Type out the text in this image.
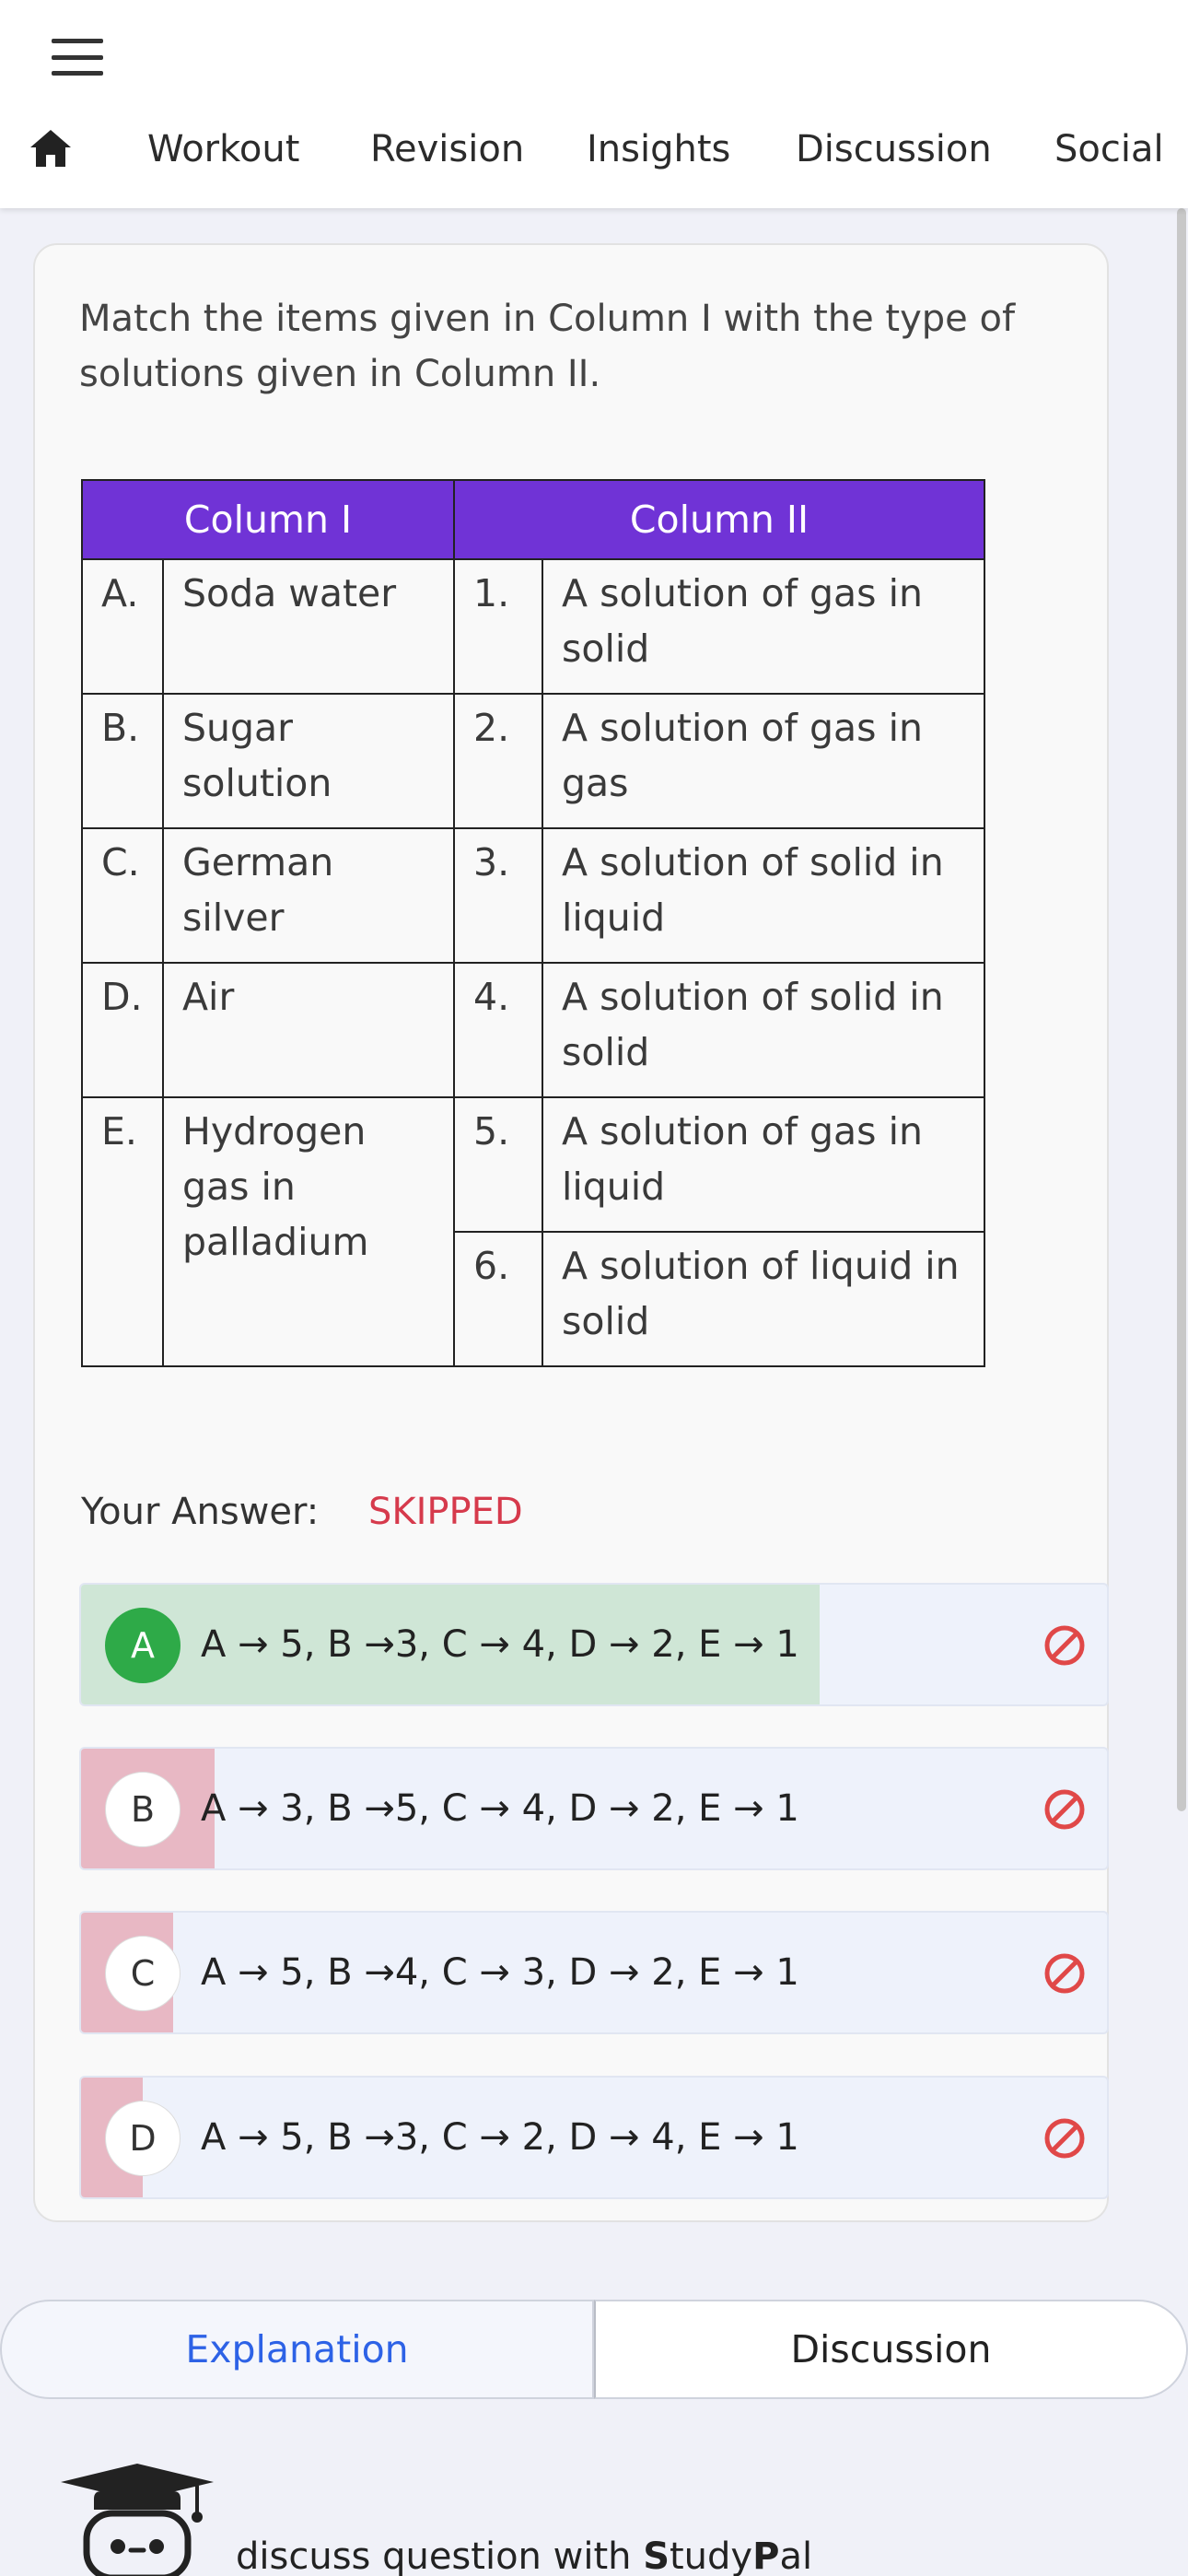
Workout Revision Insights Discussion Social
Match the items given in Column I with the type of solutions given in Column II.
Column I		Column II	
A.	Soda water	1.	A solution of gas in solid
B.	Sugar solution	2.	A solution of gas in gas
C.	German silver	3.	A solution of solid in liquid
D.	Air	4.	A solution of solid in solid
E.	Hydrogen gas in palladium	5.	A solution of gas in liquid
		6.	A solution of liquid in solid
Your Answer: SKIPPED
A	A → 5, B →3, C → 4, D → 2, E → 1
B	A → 3, B →5, C → 4, D → 2, E → 1
C	A → 5, B →4, C → 3, D → 2, E → 1
D	A → 5, B →3, C → 2, D → 4, E → 1
Explanation	Discussion
discuss question with StudyPal
